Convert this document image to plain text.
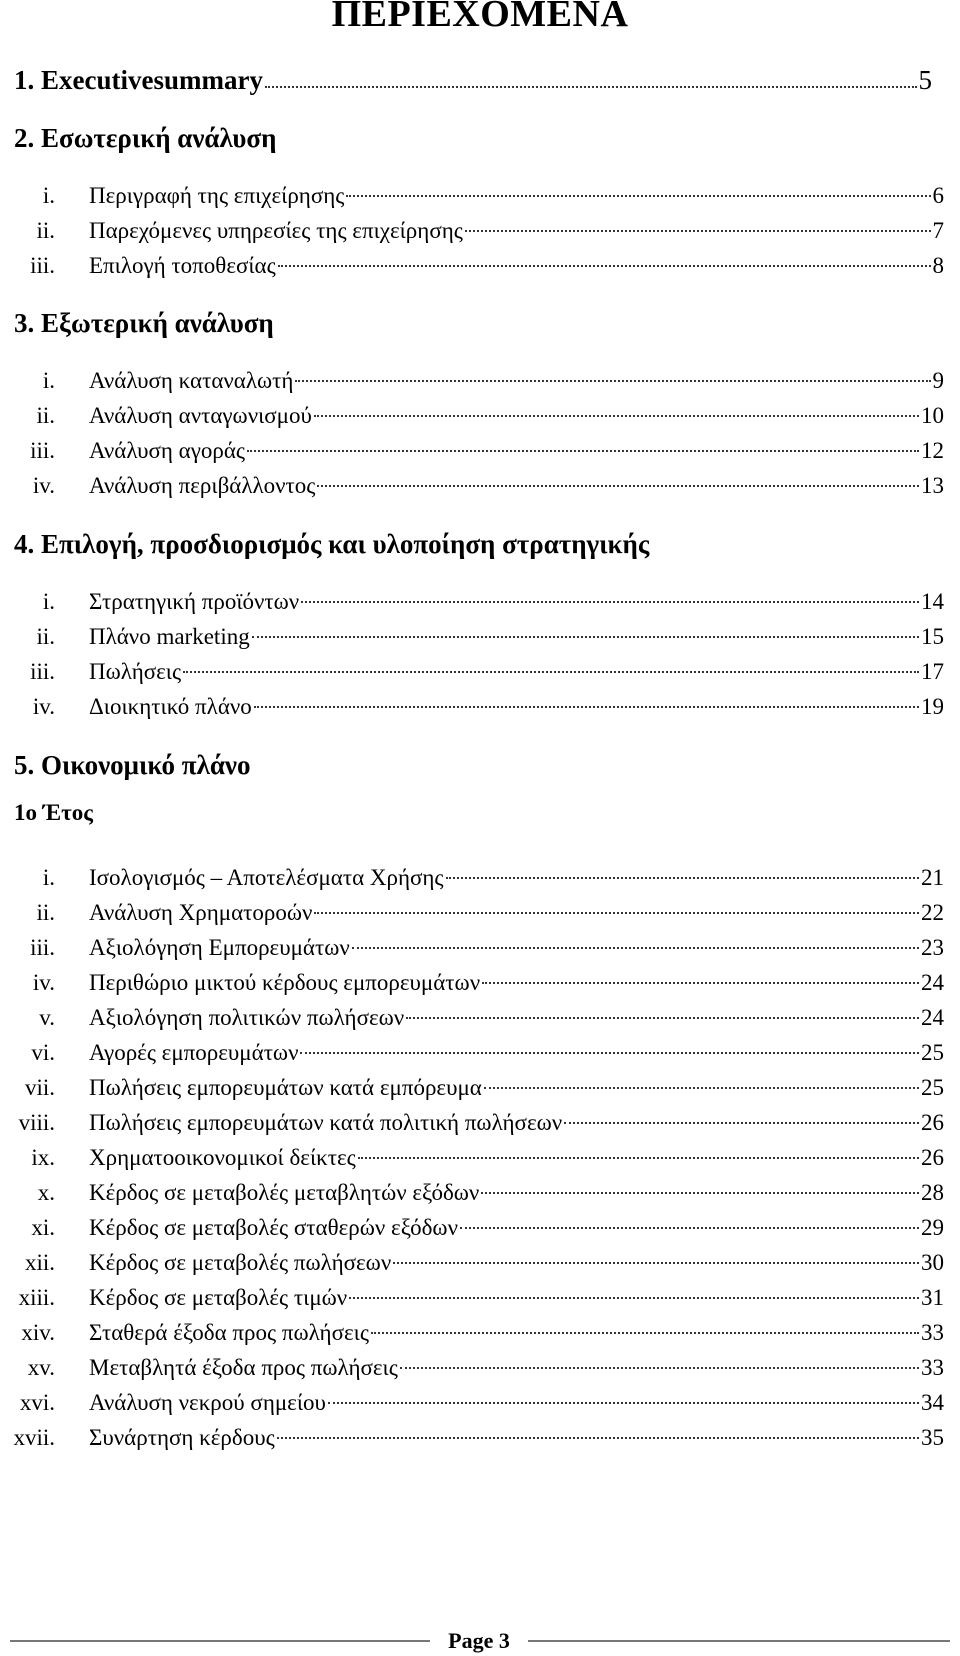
ΠΕΡΙΕΧΟΜΕΝΑ
1. Executivesummary	5
2. Εσωτερική ανάλυση
i. Περιγραφή της επιχείρησης	6
ii. Παρεχόμενες υπηρεσίες της επιχείρησης	7
iii. Επιλογή τοποθεσίας	8
3. Εξωτερική ανάλυση
i. Ανάλυση καταναλωτή	9
ii. Ανάλυση ανταγωνισμού	10
iii. Ανάλυση αγοράς	12
iv. Ανάλυση περιβάλλοντος	13
4. Επιλογή, προσδιορισμός και υλοποίηση στρατηγικής
i. Στρατηγική προϊόντων	14
ii. Πλάνο marketing	15
iii. Πωλήσεις	17
iv. Διοικητικό πλάνο	19
5. Οικονομικό πλάνο
1ο Έτος
i. Ισολογισμός – Αποτελέσματα Χρήσης	21
ii. Ανάλυση Χρηματοροών	22
iii. Αξιολόγηση Εμπορευμάτων	23
iv. Περιθώριο μικτού κέρδους εμπορευμάτων	24
v. Αξιολόγηση πολιτικών πωλήσεων	24
vi. Αγορές εμπορευμάτων	25
vii. Πωλήσεις εμπορευμάτων κατά εμπόρευμα	25
viii. Πωλήσεις εμπορευμάτων κατά πολιτική πωλήσεων	26
ix. Χρηματοοικονομικοί δείκτες	26
x. Κέρδος σε μεταβολές μεταβλητών εξόδων	28
xi. Κέρδος σε μεταβολές σταθερών εξόδων	29
xii. Κέρδος σε μεταβολές πωλήσεων	30
xiii. Κέρδος σε μεταβολές τιμών	31
xiv. Σταθερά έξοδα προς πωλήσεις	33
xv. Μεταβλητά έξοδα προς πωλήσεις	33
xvi. Ανάλυση νεκρού σημείου	34
xvii. Συνάρτηση κέρδους	35
Page 3
